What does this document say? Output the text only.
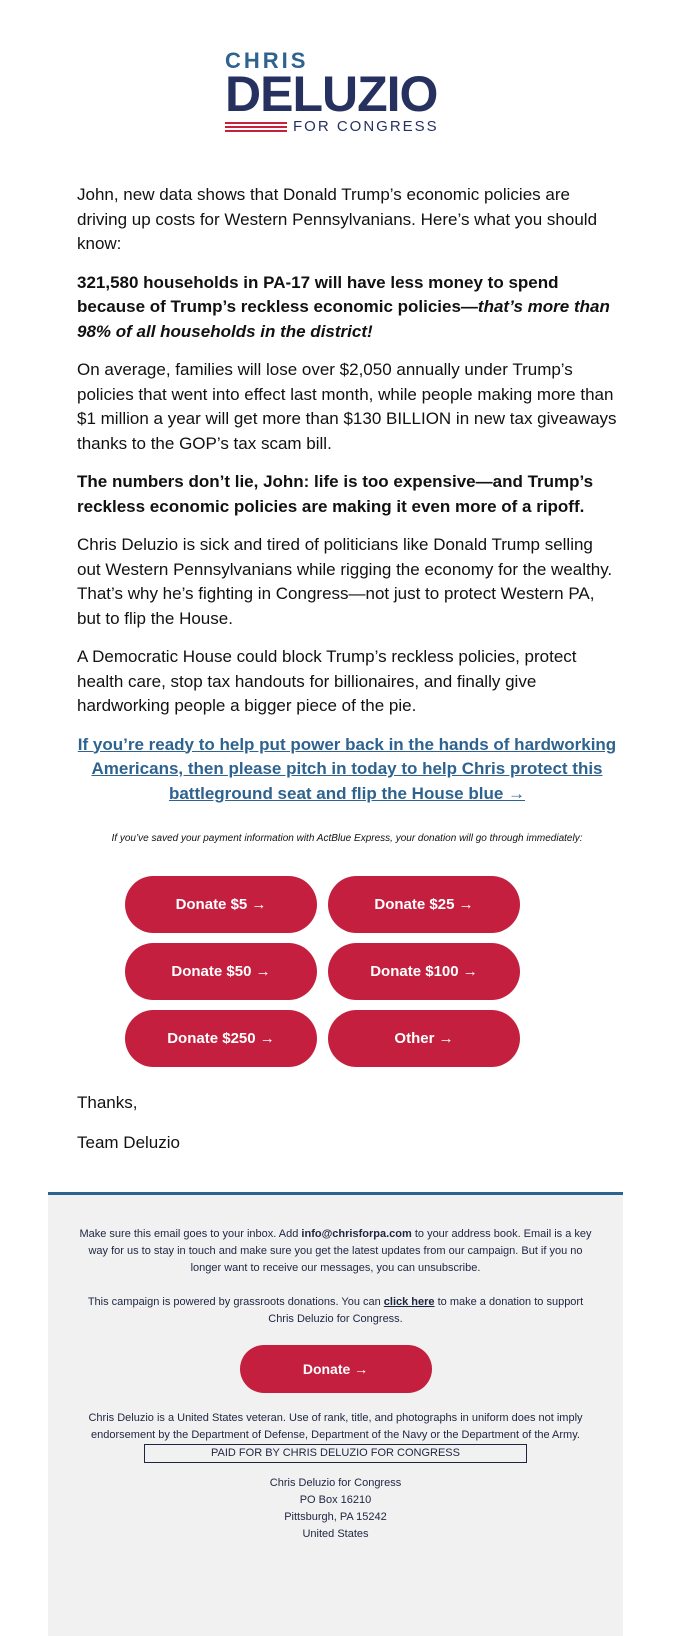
CHRIS
DELUZIO
FOR CONGRESS

John, new data shows that Donald Trump’s economic policies are driving up costs for Western Pennsylvanians. Here’s what you should know:

321,580 households in PA-17 will have less money to spend because of Trump’s reckless economic policies—that’s more than 98% of all households in the district!

On average, families will lose over $2,050 annually under Trump’s policies that went into effect last month, while people making more than $1 million a year will get more than $130 BILLION in new tax giveaways thanks to the GOP’s tax scam bill.

The numbers don’t lie, John: life is too expensive—and Trump’s reckless economic policies are making it even more of a ripoff.

Chris Deluzio is sick and tired of politicians like Donald Trump selling out Western Pennsylvanians while rigging the economy for the wealthy. That’s why he’s fighting in Congress—not just to protect Western PA, but to flip the House.

A Democratic House could block Trump’s reckless policies, protect health care, stop tax handouts for billionaires, and finally give hardworking people a bigger piece of the pie.

If you’re ready to help put power back in the hands of hardworking Americans, then please pitch in today to help Chris protect this battleground seat and flip the House blue →
If you’ve saved your payment information with ActBlue Express, your donation will go through immediately:
Donate $5 →	Donate $25 →
Donate $50 →	Donate $100 →
Donate $250 →	Other →
Thanks,
Team Deluzio

Make sure this email goes to your inbox. Add info@chrisforpa.com to your address book. Email is a key way for us to stay in touch and make sure you get the latest updates from our campaign. But if you no longer want to receive our messages, you can unsubscribe.

This campaign is powered by grassroots donations. You can click here to make a donation to support Chris Deluzio for Congress.

Donate →

Chris Deluzio is a United States veteran. Use of rank, title, and photographs in uniform does not imply endorsement by the Department of Defense, Department of the Navy or the Department of the Army.

PAID FOR BY CHRIS DELUZIO FOR CONGRESS
Chris Deluzio for Congress
PO Box 16210
Pittsburgh, PA 15242
United States
